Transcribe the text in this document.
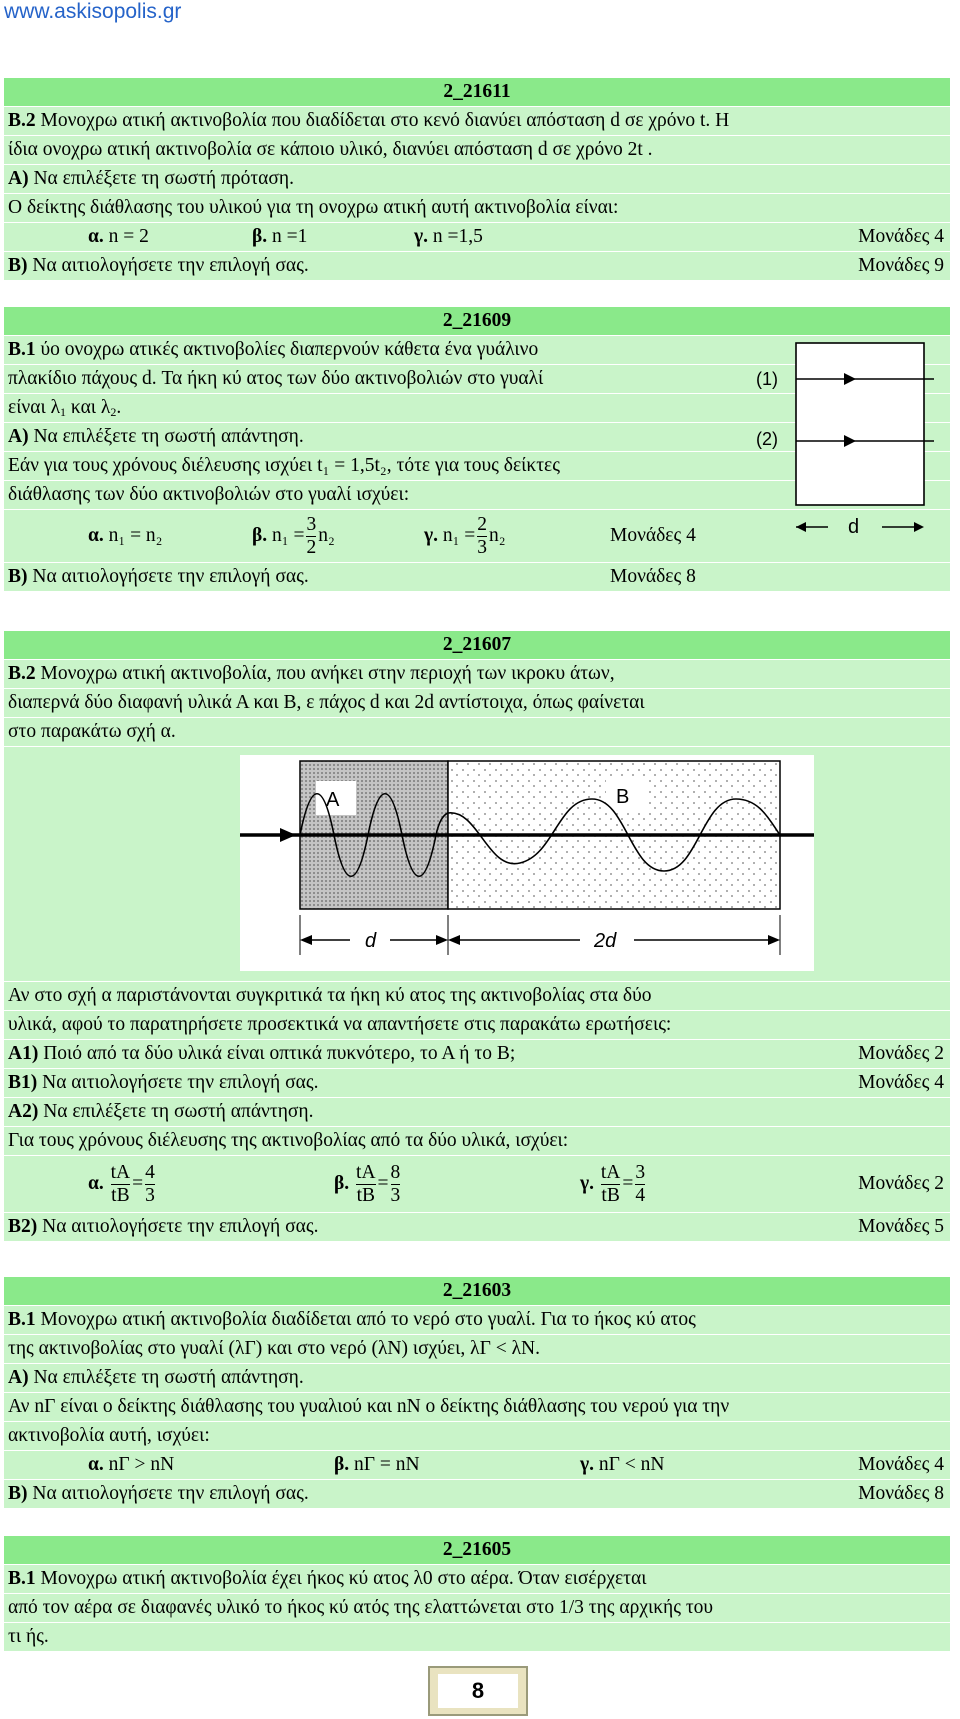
www.askisopolis.gr
2_21611
Β.2 Μονοχρω ατική ακτινοβολία που διαδίδεται στο κενό διανύει απόσταση d σε χρόνο t. Η
ίδια ονοχρω ατική ακτινοβολία σε κάποιο υλικό, διανύει απόσταση d σε χρόνο 2t .
Α) Να επιλέξετε τη σωστή πρόταση.
Ο δείκτης διάθλασης του υλικού για τη ονοχρω ατική αυτή ακτινοβολία είναι:
α. n = 2	β. n =1	γ. n =1,5	Μονάδες 4
Β) Να αιτιολογήσετε την επιλογή σας.	Μονάδες 9
2_21609
Β.1 ύο ονοχρω ατικές ακτινοβολίες διαπερνούν κάθετα ένα γυάλινο
πλακίδιο πάχους d. Τα ήκη κύ ατος των δύο ακτινοβολιών στο γυαλί
είναι $\lambda_1$ και $\lambda_2$.
Α) Να επιλέξετε τη σωστή απάντηση.
Εάν για τους χρόνους διέλευσης ισχύει t₁ = 1,5t₂, τότε για τους δείκτες
διάθλασης των δύο ακτινοβολιών στο γυαλί ισχύει:
α. n₁ = n₂	β. $n_1 = \frac{3}{2} n_2$	γ. $n_1 = \frac{2}{3} n_2$	Μονάδες 4
Β) Να αιτιολογήσετε την επιλογή σας.	Μονάδες 8
(1)
(2)
d
2_21607
Β.2 Μονοχρω ατική ακτινοβολία, που ανήκει στην περιοχή των ικροκυ άτων,
διαπερνά δύο διαφανή υλικά Α και Β, ε πάχος d και 2d αντίστοιχα, όπως φαίνεται
στο παρακάτω σχή α.
A	B
d	2d
Αν στο σχή α παριστάνονται συγκριτικά τα ήκη κύ ατος της ακτινοβολίας στα δύο
υλικά, αφού το παρατηρήσετε προσεκτικά να απαντήσετε στις παρακάτω ερωτήσεις:
Α1) Ποιό από τα δύο υλικά είναι οπτικά πυκνότερο, το Α ή το Β;	Μονάδες 2
Β1) Να αιτιολογήσετε την επιλογή σας.	Μονάδες 4
Α2) Να επιλέξετε τη σωστή απάντηση.
Για τους χρόνους διέλευσης της ακτινοβολίας από τα δύο υλικά, ισχύει:
α. $\frac{tA}{tB} = \frac{4}{3}$	β. $\frac{tA}{tB} = \frac{8}{3}$	γ. $\frac{tA}{tB} = \frac{3}{4}$	Μονάδες 2
Β2) Να αιτιολογήσετε την επιλογή σας.	Μονάδες 5
2_21603
Β.1 Μονοχρω ατική ακτινοβολία διαδίδεται από το νερό στο γυαλί. Για το ήκος κύ ατος
της ακτινοβολίας στο γυαλί (λΓ) και στο νερό (λN) ισχύει, λΓ < λN.
Α) Να επιλέξετε τη σωστή απάντηση.
Αν nΓ είναι ο δείκτης διάθλασης του γυαλιού και nN ο δείκτης διάθλασης του νερού για την
ακτινοβολία αυτή, ισχύει:
α. nΓ > nN	β. nΓ = nN	γ. nΓ < nN	Μονάδες 4
Β) Να αιτιολογήσετε την επιλογή σας.	Μονάδες 8
2_21605
Β.1 Μονοχρω ατική ακτινοβολία έχει ήκος κύ ατος λ0 στο αέρα. Όταν εισέρχεται
από τον αέρα σε διαφανές υλικό το ήκος κύ ατός της ελαττώνεται στο 1/3 της αρχικής του
τι ής.
8
